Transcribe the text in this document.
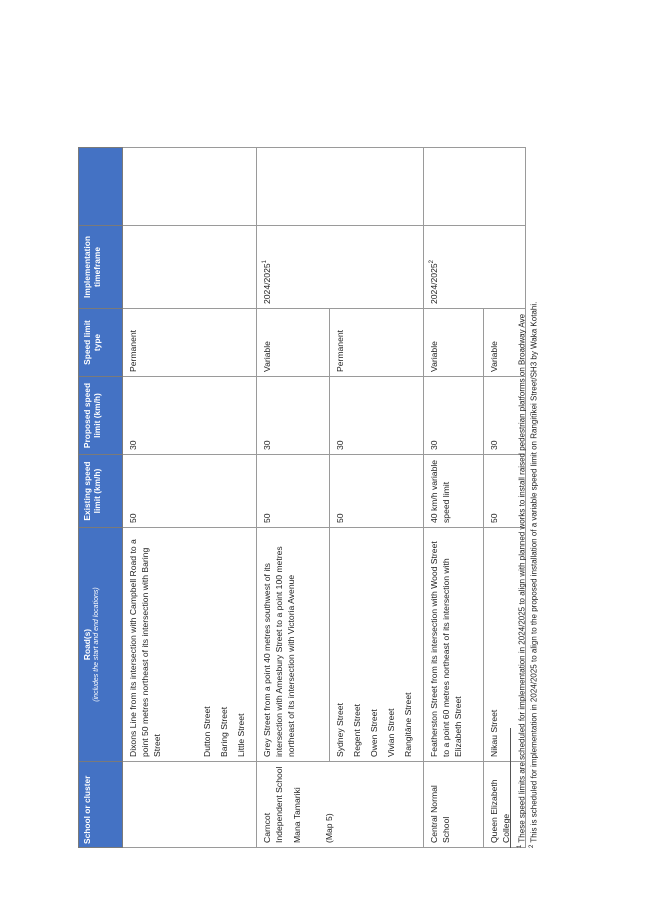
School or cluster	Road(s) (includes the start and end locations)	Existing speed limit (km/h)	Proposed speed limit (km/h)	Speed limit type	Implementation timeframe	

	Dixons Line from its intersection with Campbell Road to a point 50 metres northeast of its intersection with Baring Street Dutton Street Baring Street Little Street	50	30	Permanent		

Carncot Independent School Mana Tamariki (Map 5)	Grey Street from a point 40 metres southwest of its intersection with Amesbury Street to a point 100 metres northeast of its intersection with Victoria Avenue	50	30	Variable	2024/2025$^1$	

	Sydney Street Regent Street Owen Street Vivian Street Rangitāne Street	50	30	Permanent		

Central Normal School	Featherston Street from its intersection with Wood Street to a point 60 metres northeast of its intersection with Elizabeth Street	40 km/h variable speed limit	30	Variable	2024/2025$^2$	

Queen Elizabeth College	Nikau Street	50	30	Variable		
$^1$ These speed limits are scheduled for implementation in 2024/2025 to align with planned works to install raised pedestrian platforms on Broadway Ave
$^2$ This is scheduled for implementation in 2024/2025 to align to the proposed installation of a variable speed limit on Rangitīkei Street/SH3 by Waka Kotahi.
